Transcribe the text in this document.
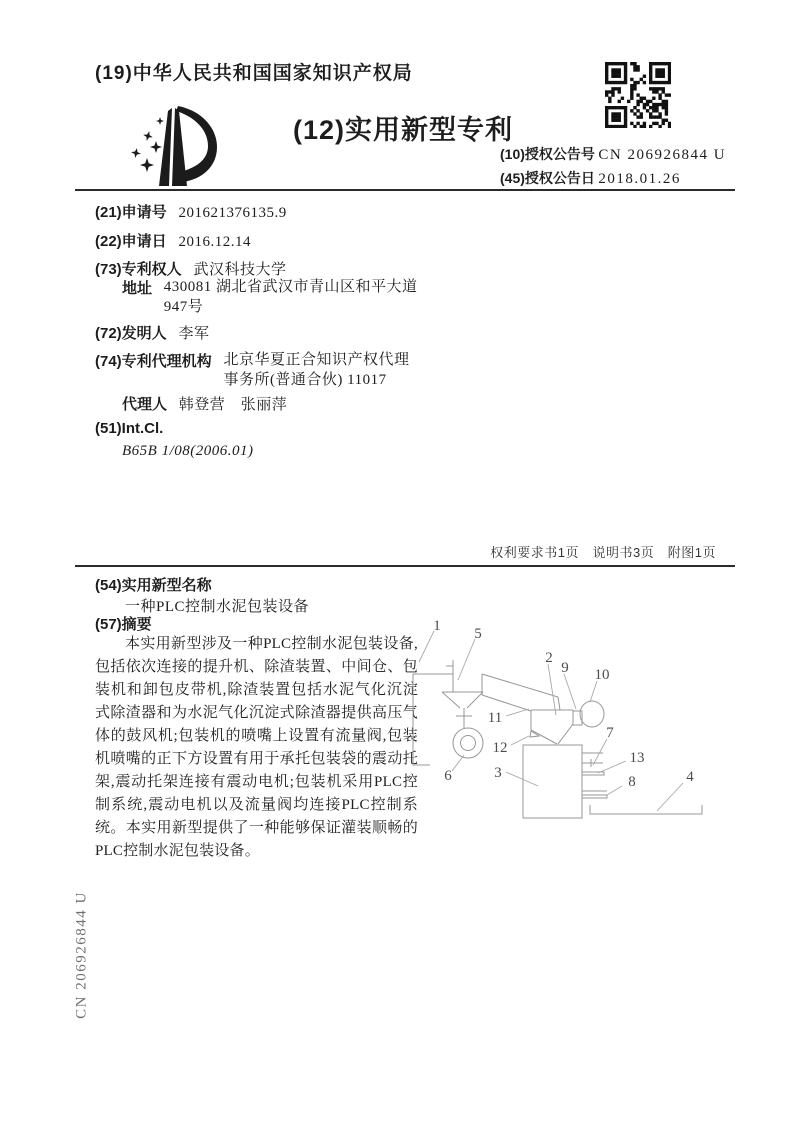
(19)中华人民共和国国家知识产权局
(12)实用新型专利
(10)授权公告号 CN 206926844 U
(45)授权公告日 2018.01.26
(21)申请号 201621376135.9
(22)申请日 2016.12.14
(73)专利权人 武汉科技大学
地址 430081 湖北省武汉市青山区和平大道947号
(72)发明人 李军
(74)专利代理机构 北京华夏正合知识产权代理事务所(普通合伙) 11017
代理人 韩登营　张丽萍
(51)Int.Cl.
B65B 1/08(2006.01)
权利要求书1页　说明书3页　附图1页
(54)实用新型名称
一种PLC控制水泥包装设备
(57)摘要
本实用新型涉及一种PLC控制水泥包装设备,包括依次连接的提升机、除渣装置、中间仓、包装机和卸包皮带机,除渣装置包括水泥气化沉淀式除渣器和为水泥气化沉淀式除渣器提供高压气体的鼓风机;包装机的喷嘴上设置有流量阀,包装机喷嘴的正下方设置有用于承托包装袋的震动托架,震动托架连接有震动电机;包装机采用PLC控制系统,震动电机以及流量阀均连接PLC控制系统。本实用新型提供了一种能够保证灌装顺畅的PLC控制水泥包装设备。
1 5
2
9 10
11
12
6	3
7
13
8	4
CN 206926844 U
